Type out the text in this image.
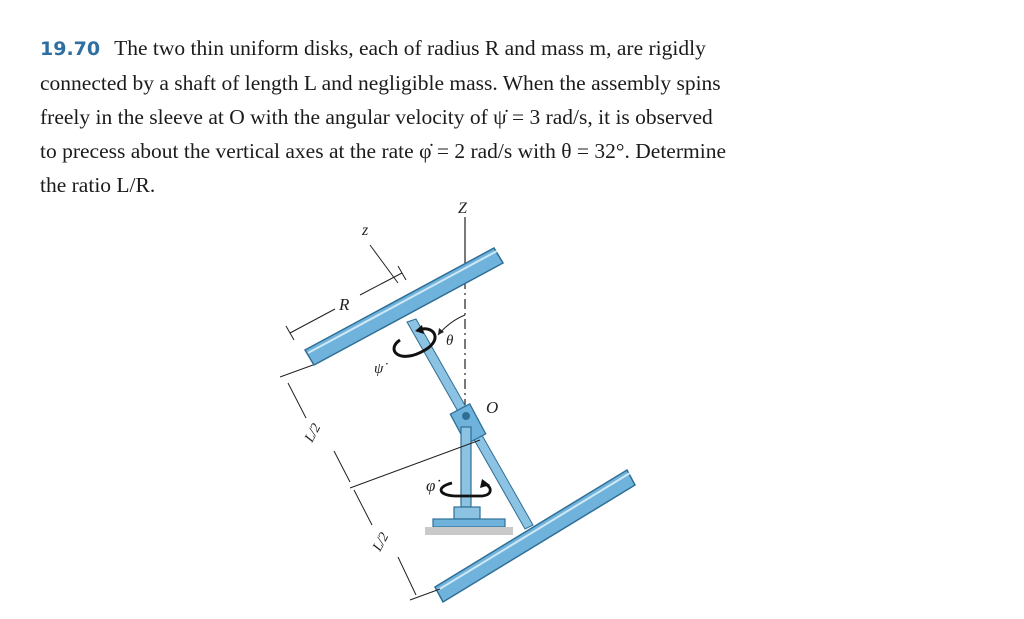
19.70 The two thin uniform disks, each of radius R and mass m, are rigidly
connected by a shaft of length L and negligible mass. When the assembly spins
freely in the sleeve at O with the angular velocity of ψ̇ = 3 rad/s, it is observed
to precess about the vertical axes at the rate φ̇ = 2 rad/s with θ = 32°. Determine
the ratio L/R.
z
Z
R
θ
ψ̇
O
φ̇
L/2
L/2
